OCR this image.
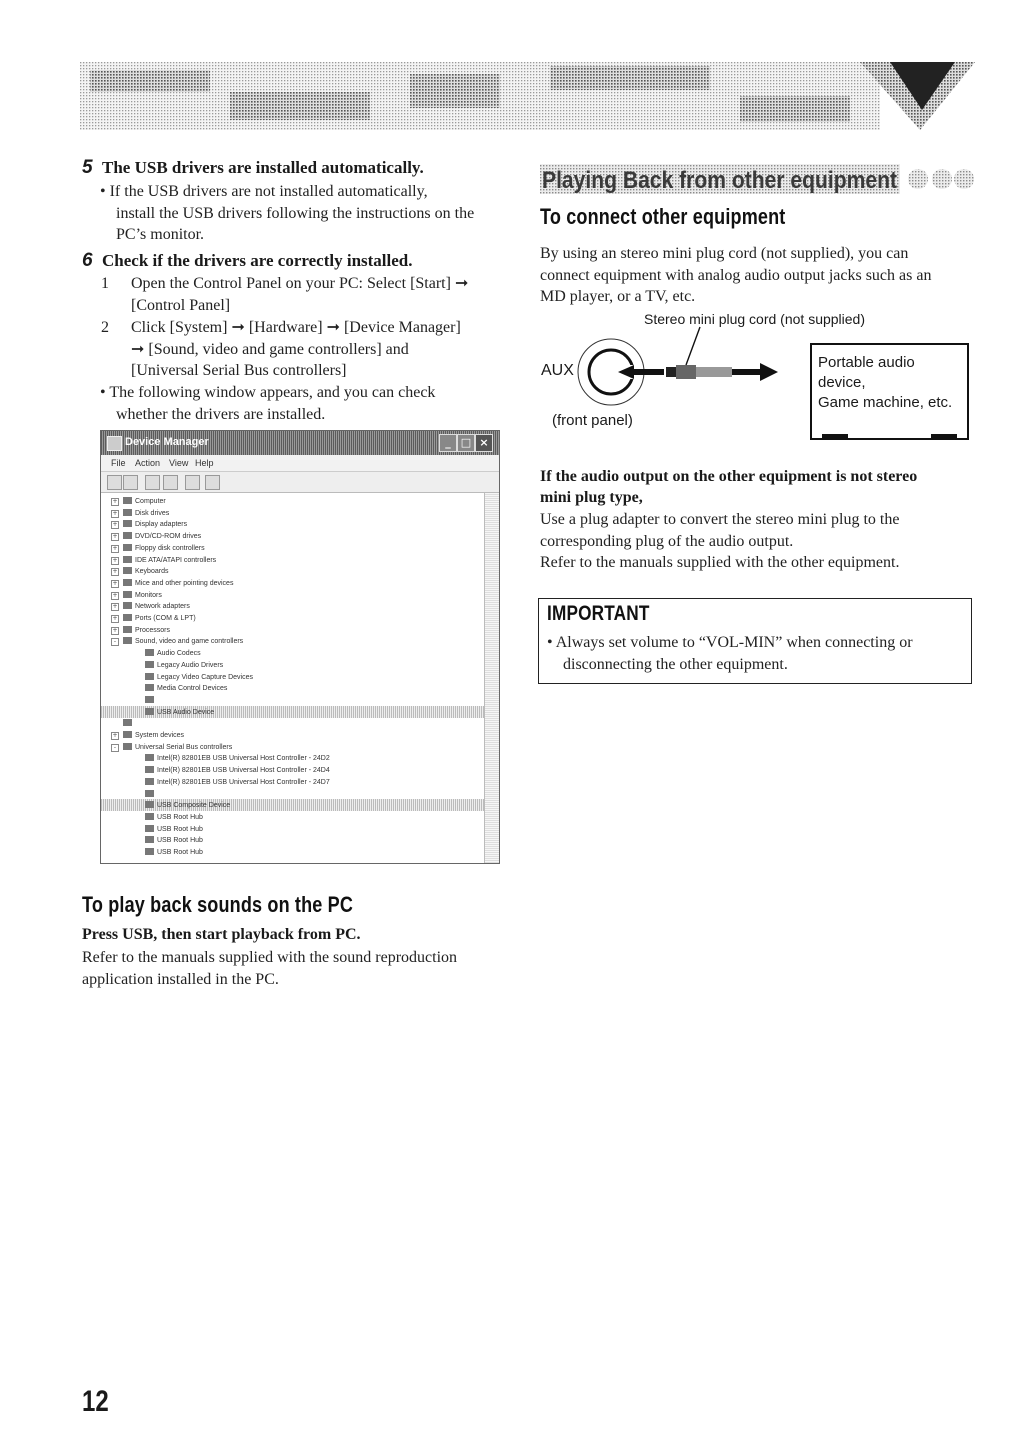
5 The USB drivers are installed automatically.
• If the USB drivers are not installed automatically,
install the USB drivers following the instructions on the
PC’s monitor.
6 Check if the drivers are correctly installed.
1 Open the Control Panel on your PC: Select [Start] ➞
[Control Panel]
2 Click [System] ➞ [Hardware] ➞ [Device Manager]
➞ [Sound, video and game controllers] and
[Universal Serial Bus controllers]
• The following window appears, and you can check
whether the drivers are installed.
Device Manager	_ □ ×
File Action View Help
+	Computer
+	Disk drives
+	Display adapters
+	DVD/CD-ROM drives
+	Floppy disk controllers
+	IDE ATA/ATAPI controllers
+	Keyboards
+	Mice and other pointing devices
+	Monitors
+	Network adapters
+	Ports (COM & LPT)
+	Processors
-	Sound, video and game controllers
Audio Codecs
Legacy Audio Drivers
Legacy Video Capture Devices
Media Control Devices
USB Audio Device
+	System devices
-	Universal Serial Bus controllers
Intel(R) 82801EB USB Universal Host Controller - 24D2
Intel(R) 82801EB USB Universal Host Controller - 24D4
Intel(R) 82801EB USB Universal Host Controller - 24D7
USB Composite Device
USB Root Hub
USB Root Hub
USB Root Hub
USB Root Hub
To play back sounds on the PC
Press USB, then start playback from PC.
Refer to the manuals supplied with the sound reproduction
application installed in the PC.
Playing Back from other equipment
To connect other equipment
By using an stereo mini plug cord (not supplied), you can
connect equipment with analog audio output jacks such as an
MD player, or a TV, etc.
Stereo mini plug cord (not supplied)
AUX
(front panel)
Portable audio
device,
Game machine, etc.
If the audio output on the other equipment is not stereo
mini plug type,
Use a plug adapter to convert the stereo mini plug to the
corresponding plug of the audio output.
Refer to the manuals supplied with the other equipment.
IMPORTANT
• Always set volume to “VOL-MIN” when connecting or
disconnecting the other equipment.
12
